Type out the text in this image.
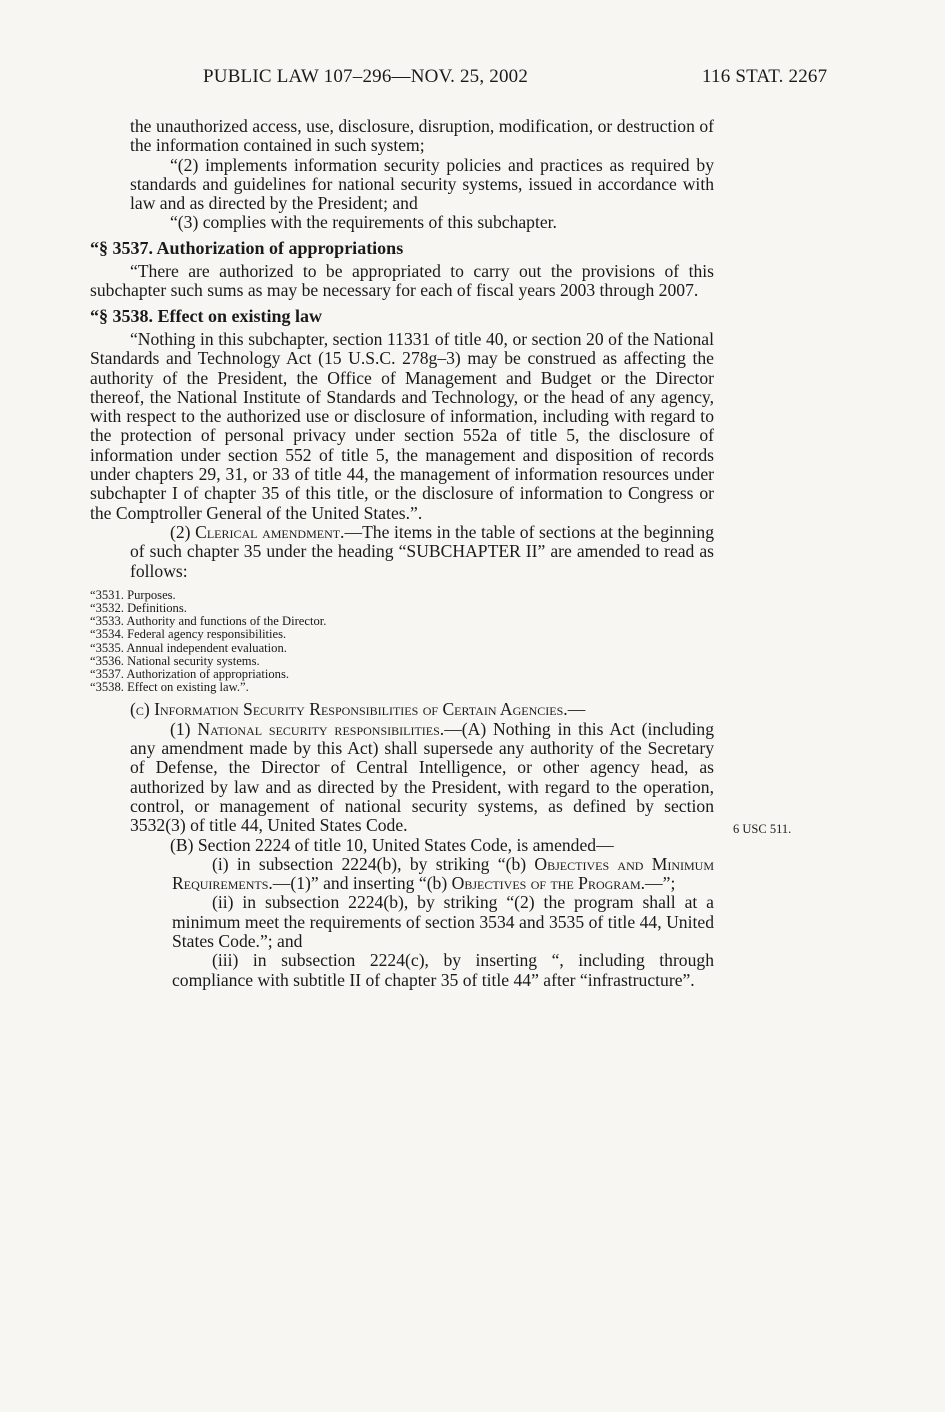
PUBLIC LAW 107–296—NOV. 25, 2002	116 STAT. 2267
6 USC 511.

the unauthorized access, use, disclosure, disruption, modification, or destruction of the information contained in such system;

“(2) implements information security policies and practices as required by standards and guidelines for national security systems, issued in accordance with law and as directed by the President; and

“(3) complies with the requirements of this subchapter.

“§ 3537. Authorization of appropriations

“There are authorized to be appropriated to carry out the provisions of this subchapter such sums as may be necessary for each of fiscal years 2003 through 2007.

“§ 3538. Effect on existing law

“Nothing in this subchapter, section 11331 of title 40, or section 20 of the National Standards and Technology Act (15 U.S.C. 278g–3) may be construed as affecting the authority of the President, the Office of Management and Budget or the Director thereof, the National Institute of Standards and Technology, or the head of any agency, with respect to the authorized use or disclosure of information, including with regard to the protection of personal privacy under section 552a of title 5, the disclosure of information under section 552 of title 5, the management and disposition of records under chapters 29, 31, or 33 of title 44, the management of information resources under subchapter I of chapter 35 of this title, or the disclosure of information to Congress or the Comptroller General of the United States.”.

(2) Clerical amendment.—The items in the table of sections at the beginning of such chapter 35 under the heading “SUBCHAPTER II” are amended to read as follows:

“3531. Purposes.
“3532. Definitions.
“3533. Authority and functions of the Director.
“3534. Federal agency responsibilities.
“3535. Annual independent evaluation.
“3536. National security systems.
“3537. Authorization of appropriations.
“3538. Effect on existing law.”.

(c) Information Security Responsibilities of Certain Agencies.—

(1) National security responsibilities.—(A) Nothing in this Act (including any amendment made by this Act) shall supersede any authority of the Secretary of Defense, the Director of Central Intelligence, or other agency head, as authorized by law and as directed by the President, with regard to the operation, control, or management of national security systems, as defined by section 3532(3) of title 44, United States Code.

(B) Section 2224 of title 10, United States Code, is amended—

(i) in subsection 2224(b), by striking “(b) Objectives and Minimum Requirements.—(1)” and inserting “(b) Objectives of the Program.—”;

(ii) in subsection 2224(b), by striking “(2) the program shall at a minimum meet the requirements of section 3534 and 3535 of title 44, United States Code.”; and

(iii) in subsection 2224(c), by inserting “, including through compliance with subtitle II of chapter 35 of title 44” after “infrastructure”.
